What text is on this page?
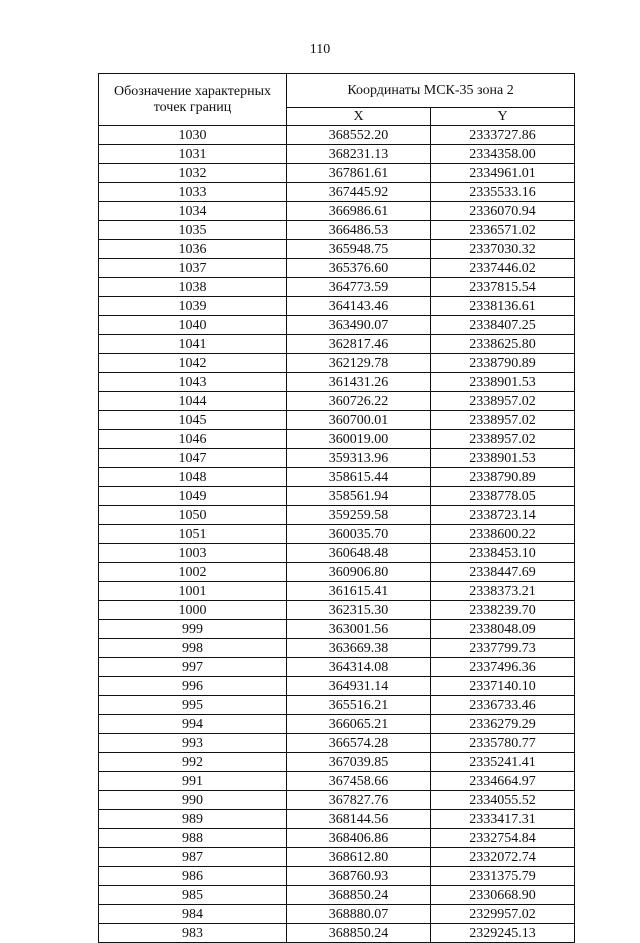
110
Обозначение характерных точек границ	Координаты МСК-35 зона 2	
	X	Y
1030	368552.20	2333727.86
1031	368231.13	2334358.00
1032	367861.61	2334961.01
1033	367445.92	2335533.16
1034	366986.61	2336070.94
1035	366486.53	2336571.02
1036	365948.75	2337030.32
1037	365376.60	2337446.02
1038	364773.59	2337815.54
1039	364143.46	2338136.61
1040	363490.07	2338407.25
1041	362817.46	2338625.80
1042	362129.78	2338790.89
1043	361431.26	2338901.53
1044	360726.22	2338957.02
1045	360700.01	2338957.02
1046	360019.00	2338957.02
1047	359313.96	2338901.53
1048	358615.44	2338790.89
1049	358561.94	2338778.05
1050	359259.58	2338723.14
1051	360035.70	2338600.22
1003	360648.48	2338453.10
1002	360906.80	2338447.69
1001	361615.41	2338373.21
1000	362315.30	2338239.70
999	363001.56	2338048.09
998	363669.38	2337799.73
997	364314.08	2337496.36
996	364931.14	2337140.10
995	365516.21	2336733.46
994	366065.21	2336279.29
993	366574.28	2335780.77
992	367039.85	2335241.41
991	367458.66	2334664.97
990	367827.76	2334055.52
989	368144.56	2333417.31
988	368406.86	2332754.84
987	368612.80	2332072.74
986	368760.93	2331375.79
985	368850.24	2330668.90
984	368880.07	2329957.02
983	368850.24	2329245.13
